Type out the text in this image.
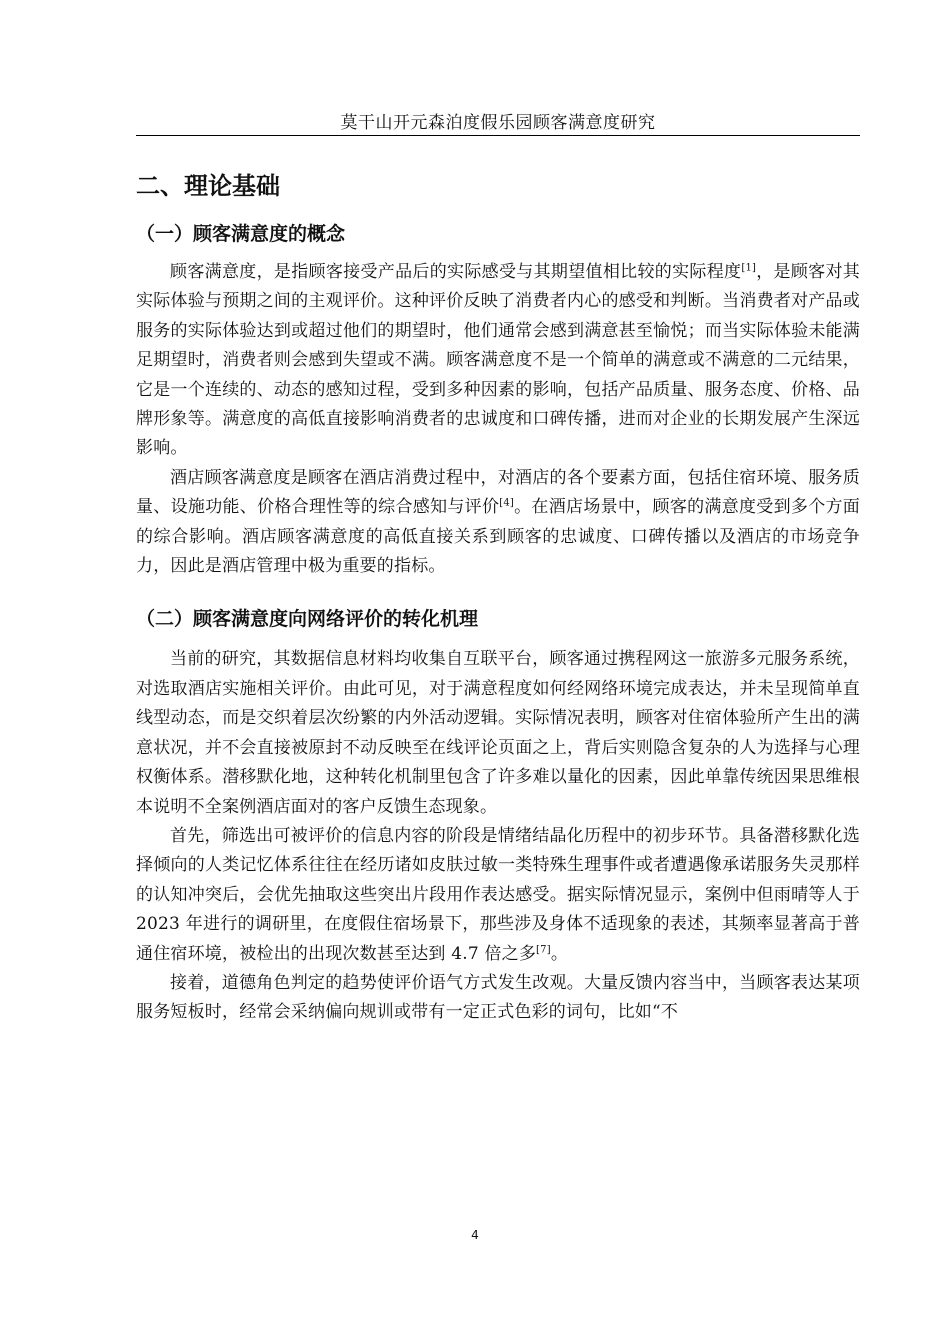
莫干山开元森泊度假乐园顾客满意度研究
二、理论基础
（一）顾客满意度的概念

顾客满意度，是指顾客接受产品后的实际感受与其期望值相比较的实际程度[1]，是顾客对其实际体验与预期之间的主观评价。这种评价反映了消费者内心的感受和判断。当消费者对产品或服务的实际体验达到或超过他们的期望时，他们通常会感到满意甚至愉悦；而当实际体验未能满足期望时，消费者则会感到失望或不满。顾客满意度不是一个简单的满意或不满意的二元结果，它是一个连续的、动态的感知过程，受到多种因素的影响，包括产品质量、服务态度、价格、品牌形象等。满意度的高低直接影响消费者的忠诚度和口碑传播，进而对企业的长期发展产生深远影响。

酒店顾客满意度是顾客在酒店消费过程中，对酒店的各个要素方面，包括住宿环境、服务质量、设施功能、价格合理性等的综合感知与评价[4]。在酒店场景中，顾客的满意度受到多个方面的综合影响。酒店顾客满意度的高低直接关系到顾客的忠诚度、口碑传播以及酒店的市场竞争力，因此是酒店管理中极为重要的指标。

（二）顾客满意度向网络评价的转化机理

当前的研究，其数据信息材料均收集自互联平台，顾客通过携程网这一旅游多元服务系统，对选取酒店实施相关评价。由此可见，对于满意程度如何经网络环境完成表达，并未呈现简单直线型动态，而是交织着层次纷繁的内外活动逻辑。实际情况表明，顾客对住宿体验所产生出的满意状况，并不会直接被原封不动反映至在线评论页面之上，背后实则隐含复杂的人为选择与心理权衡体系。潜移默化地，这种转化机制里包含了许多难以量化的因素，因此单靠传统因果思维根本说明不全案例酒店面对的客户反馈生态现象。

首先，筛选出可被评价的信息内容的阶段是情绪结晶化历程中的初步环节。具备潜移默化选择倾向的人类记忆体系往往在经历诸如皮肤过敏一类特殊生理事件或者遭遇像承诺服务失灵那样的认知冲突后，会优先抽取这些突出片段用作表达感受。据实际情况显示，案例中但雨晴等人于 2023 年进行的调研里，在度假住宿场景下，那些涉及身体不适现象的表述，其频率显著高于普通住宿环境，被检出的出现次数甚至达到 4.7 倍之多[7]。

接着，道德角色判定的趋势使评价语气方式发生改观。大量反馈内容当中，当顾客表达某项服务短板时，经常会采纳偏向规训或带有一定正式色彩的词句，比如“不

4
